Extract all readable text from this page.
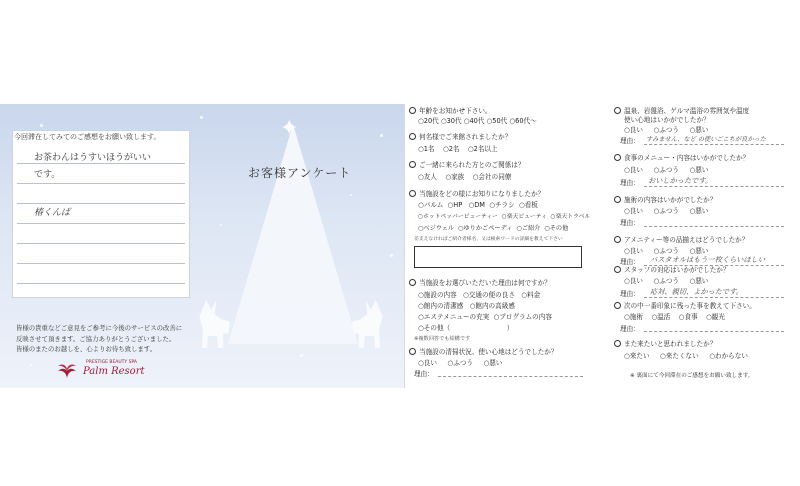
✦
今回滞在してみてのご感想をお願い致します。
お茶わんはうすいほうがいい
です。
椿くんば
お客様アンケート
皆様の貴重などご意見をご参考に今後のサービスの改善に
反映させて頂きます。ご協力ありがとうございました。
皆様のまたのお越しを、心よりお待ち致します。
PRESTIGE BEAUTY SPA
Palm Resort
年齢をお知かせ下さい。
○20代 ○30代 ○40代 ○50代 ○60代〜
何名様でご来館されましたか？
○1名    ○2名    ○2名以上
ご一緒に来られた方とのご関係は？
○友人    ○家族    ○会社の同僚
当施設をどの様にお知りになりましたか？
○パルム  ○HP   ○DM  ○チラシ  ○看板
○ホットペッパービューティー  ○楽天ビューティ  ○楽天トラベル
○ベジウェル  ○ゆりかごペーディ  ○ご紹介  ○その他
差支えなければご紹介者様名、又は検索ワードの詳細を教えて下さい
当施設をお選びいただいた理由は何ですか？
○施設の内容   ○交通の便の良さ   ○料金
○館内の清潔感   ○館内の高級感
○エステメニューの充実  ○プログラムの内容
○その他（	）
※複数回答でも結構です
当施設の清掃状況、使い心地はどうでしたか？
○良い     ○ふつう     ○悪い
理由：
温泉、岩盤浴、ゲルマ温浴の雰囲気や温度
使い心地はいかがでしたか？
○良い     ○ふつう     ○悪い
理由： すみません、など の使いごこちが良かった
食事のメニュー・内容はいかがでしたか？
○良い     ○ふつう     ○悪い
理由： おいしかったです。
施術の内容はいかがでしたか？
○良い     ○ふつう     ○悪い
理由：
アメニティー等の品揃えはどうでしたか？
○良い     ○ふつう     ○悪い
理由： バスタオルはもう一枚くらいほしい
スタッフの対応はいかがでしたか？
○良い     ○ふつう     ○悪い
理由： 応対、親切、よかったです。
次の中一番印象に残った事を教えて下さい。
○施術    ○温活    ○食事    ○観光
理由：
また来たいと思われましたか？
○来たい     ○来たくない     ○わからない
※ 裏面にて今回滞在のご感想をお願い致します。
